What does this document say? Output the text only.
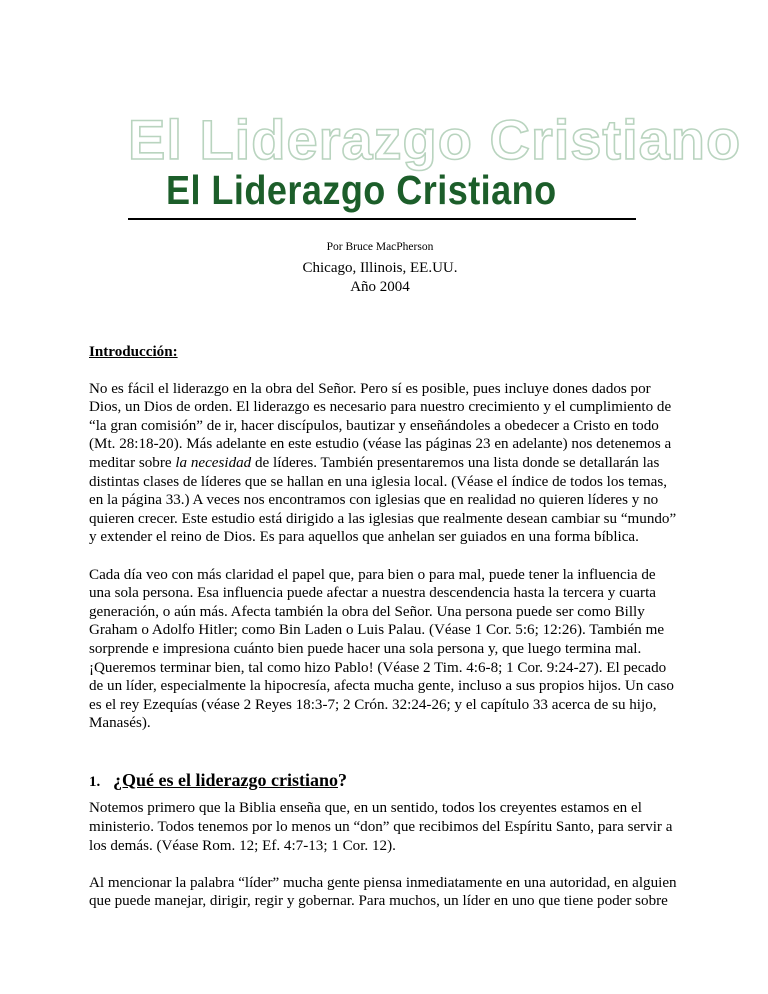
El Liderazgo Cristiano
El Liderazgo Cristiano
Por Bruce MacPherson
Chicago, Illinois, EE.UU.
Año 2004
Introducción:
No es fácil el liderazgo en la obra del Señor. Pero sí es posible, pues incluye dones dados por
Dios, un Dios de orden. El liderazgo es necesario para nuestro crecimiento y el cumplimiento de
“la gran comisión” de ir, hacer discípulos, bautizar y enseñándoles a obedecer a Cristo en todo
(Mt. 28:18-20). Más adelante en este estudio (véase las páginas 23 en adelante) nos detenemos a
meditar sobre la necesidad de líderes. También presentaremos una lista donde se detallarán las
distintas clases de líderes que se hallan en una iglesia local. (Véase el índice de todos los temas,
en la página 33.) A veces nos encontramos con iglesias que en realidad no quieren líderes y no
quieren crecer. Este estudio está dirigido a las iglesias que realmente desean cambiar su “mundo”
y extender el reino de Dios. Es para aquellos que anhelan ser guiados en una forma bíblica.
Cada día veo con más claridad el papel que, para bien o para mal, puede tener la influencia de
una sola persona. Esa influencia puede afectar a nuestra descendencia hasta la tercera y cuarta
generación, o aún más. Afecta también la obra del Señor. Una persona puede ser como Billy
Graham o Adolfo Hitler; como Bin Laden o Luis Palau. (Véase 1 Cor. 5:6; 12:26). También me
sorprende e impresiona cuánto bien puede hacer una sola persona y, que luego termina mal.
¡Queremos terminar bien, tal como hizo Pablo! (Véase 2 Tim. 4:6-8; 1 Cor. 9:24-27). El pecado
de un líder, especialmente la hipocresía, afecta mucha gente, incluso a sus propios hijos. Un caso
es el rey Ezequías (véase 2 Reyes 18:3-7; 2 Crón. 32:24-26; y el capítulo 33 acerca de su hijo,
Manasés).
1. ¿Qué es el liderazgo cristiano?
Notemos primero que la Biblia enseña que, en un sentido, todos los creyentes estamos en el
ministerio. Todos tenemos por lo menos un “don” que recibimos del Espíritu Santo, para servir a
los demás. (Véase Rom. 12; Ef. 4:7-13; 1 Cor. 12).
Al mencionar la palabra “líder” mucha gente piensa inmediatamente en una autoridad, en alguien
que puede manejar, dirigir, regir y gobernar. Para muchos, un líder en uno que tiene poder sobre
